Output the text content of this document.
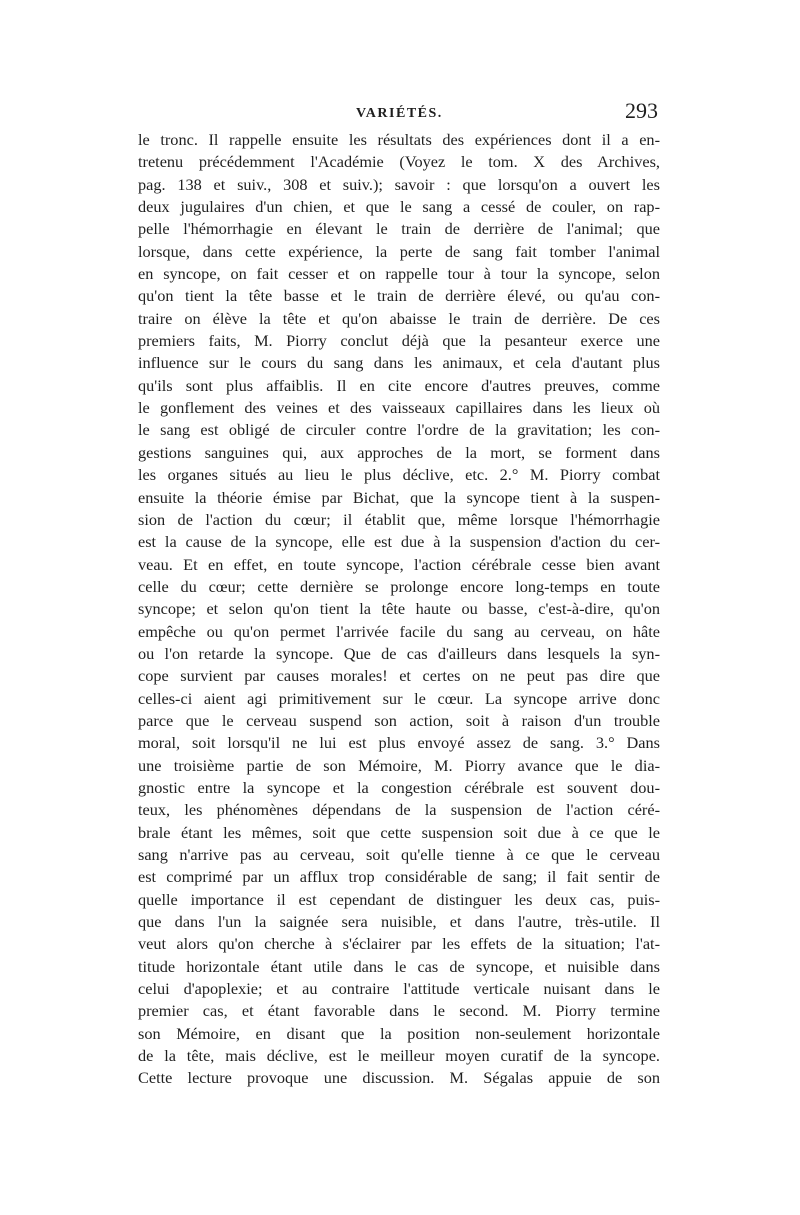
VARIÉTÉS.	293
le tronc. Il rappelle ensuite les résultats des expériences dont il a en-
tretenu précédemment l'Académie (Voyez le tom. X des Archives,
pag. 138 et suiv., 308 et suiv.); savoir : que lorsqu'on a ouvert les
deux jugulaires d'un chien, et que le sang a cessé de couler, on rap-
pelle l'hémorrhagie en élevant le train de derrière de l'animal; que
lorsque, dans cette expérience, la perte de sang fait tomber l'animal
en syncope, on fait cesser et on rappelle tour à tour la syncope, selon
qu'on tient la tête basse et le train de derrière élevé, ou qu'au con-
traire on élève la tête et qu'on abaisse le train de derrière. De ces
premiers faits, M. Piorry conclut déjà que la pesanteur exerce une
influence sur le cours du sang dans les animaux, et cela d'autant plus
qu'ils sont plus affaiblis. Il en cite encore d'autres preuves, comme
le gonflement des veines et des vaisseaux capillaires dans les lieux où
le sang est obligé de circuler contre l'ordre de la gravitation; les con-
gestions sanguines qui, aux approches de la mort, se forment dans
les organes situés au lieu le plus déclive, etc. 2.° M. Piorry combat
ensuite la théorie émise par Bichat, que la syncope tient à la suspen-
sion de l'action du cœur; il établit que, même lorsque l'hémorrhagie
est la cause de la syncope, elle est due à la suspension d'action du cer-
veau. Et en effet, en toute syncope, l'action cérébrale cesse bien avant
celle du cœur; cette dernière se prolonge encore long-temps en toute
syncope; et selon qu'on tient la tête haute ou basse, c'est-à-dire, qu'on
empêche ou qu'on permet l'arrivée facile du sang au cerveau, on hâte
ou l'on retarde la syncope. Que de cas d'ailleurs dans lesquels la syn-
cope survient par causes morales! et certes on ne peut pas dire que
celles-ci aient agi primitivement sur le cœur. La syncope arrive donc
parce que le cerveau suspend son action, soit à raison d'un trouble
moral, soit lorsqu'il ne lui est plus envoyé assez de sang. 3.° Dans
une troisième partie de son Mémoire, M. Piorry avance que le dia-
gnostic entre la syncope et la congestion cérébrale est souvent dou-
teux, les phénomènes dépendans de la suspension de l'action céré-
brale étant les mêmes, soit que cette suspension soit due à ce que le
sang n'arrive pas au cerveau, soit qu'elle tienne à ce que le cerveau
est comprimé par un afflux trop considérable de sang; il fait sentir de
quelle importance il est cependant de distinguer les deux cas, puis-
que dans l'un la saignée sera nuisible, et dans l'autre, très-utile. Il
veut alors qu'on cherche à s'éclairer par les effets de la situation; l'at-
titude horizontale étant utile dans le cas de syncope, et nuisible dans
celui d'apoplexie; et au contraire l'attitude verticale nuisant dans le
premier cas, et étant favorable dans le second. M. Piorry termine
son Mémoire, en disant que la position non-seulement horizontale
de la tête, mais déclive, est le meilleur moyen curatif de la syncope.
Cette lecture provoque une discussion. M. Ségalas appuie de son
